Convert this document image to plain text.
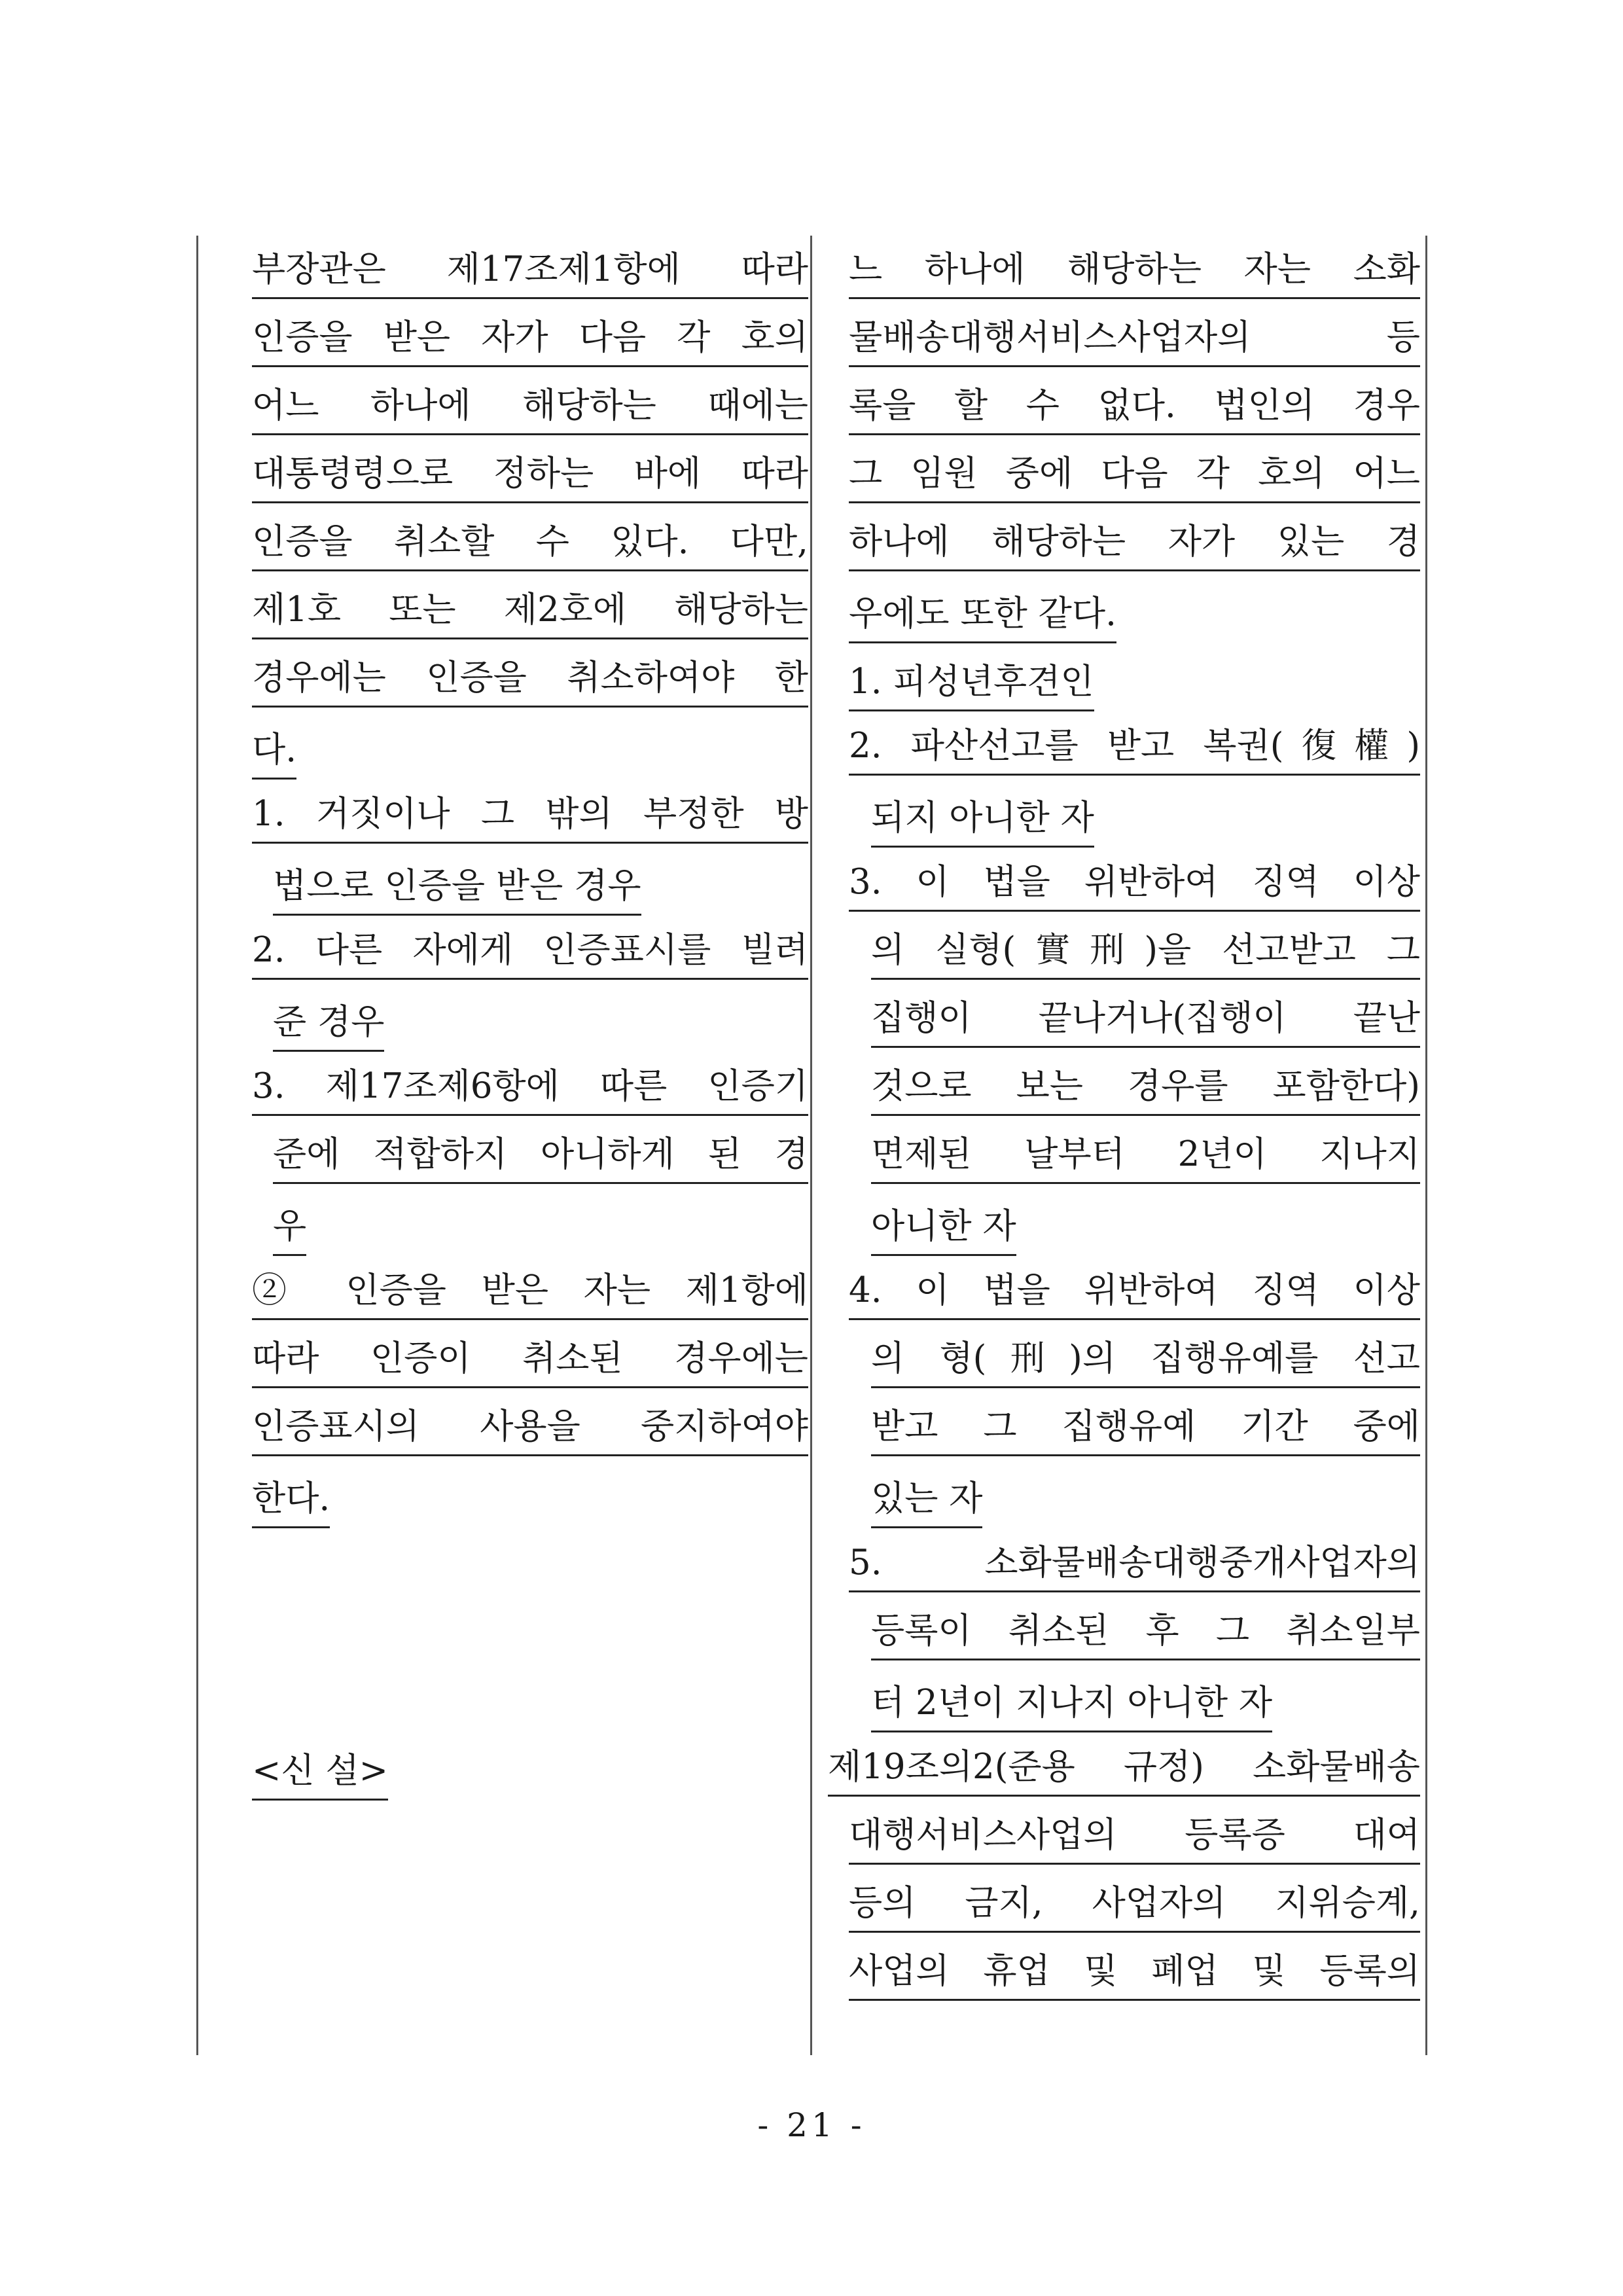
부장관은 제17조제1항에 따라
인증을 받은 자가 다음 각 호의
어느 하나에 해당하는 때에는
대통령령으로 정하는 바에 따라
인증을 취소할 수 있다. 다만,
제1호 또는 제2호에 해당하는
경우에는 인증을 취소하여야 한
다.
1. 거짓이나 그 밖의 부정한 방
법으로 인증을 받은 경우
2. 다른 자에게 인증표시를 빌려
준 경우
3. 제17조제6항에 따른 인증기
준에 적합하지 아니하게 된 경
우
② 인증을 받은 자는 제1항에
따라 인증이 취소된 경우에는
인증표시의 사용을 중지하여야
한다.
<신 설>
느 하나에 해당하는 자는 소화
물배송대행서비스사업자의 등
록을 할 수 없다. 법인의 경우
그 임원 중에 다음 각 호의 어느
하나에 해당하는 자가 있는 경
우에도 또한 같다.
1. 피성년후견인
2. 파산선고를 받고 복권(復權)
되지 아니한 자
3. 이 법을 위반하여 징역 이상
의 실형(實刑)을 선고받고 그
집행이 끝나거나(집행이 끝난
것으로 보는 경우를 포함한다)
면제된 날부터 2년이 지나지
아니한 자
4. 이 법을 위반하여 징역 이상
의 형(刑)의 집행유예를 선고
받고 그 집행유예 기간 중에
있는 자
5. 소화물배송대행중개사업자의
등록이 취소된 후 그 취소일부
터 2년이 지나지 아니한 자
제19조의2(준용 규정) 소화물배송
대행서비스사업의 등록증 대여
등의 금지, 사업자의 지위승계,
사업의 휴업 및 폐업 및 등록의
- 21 -
